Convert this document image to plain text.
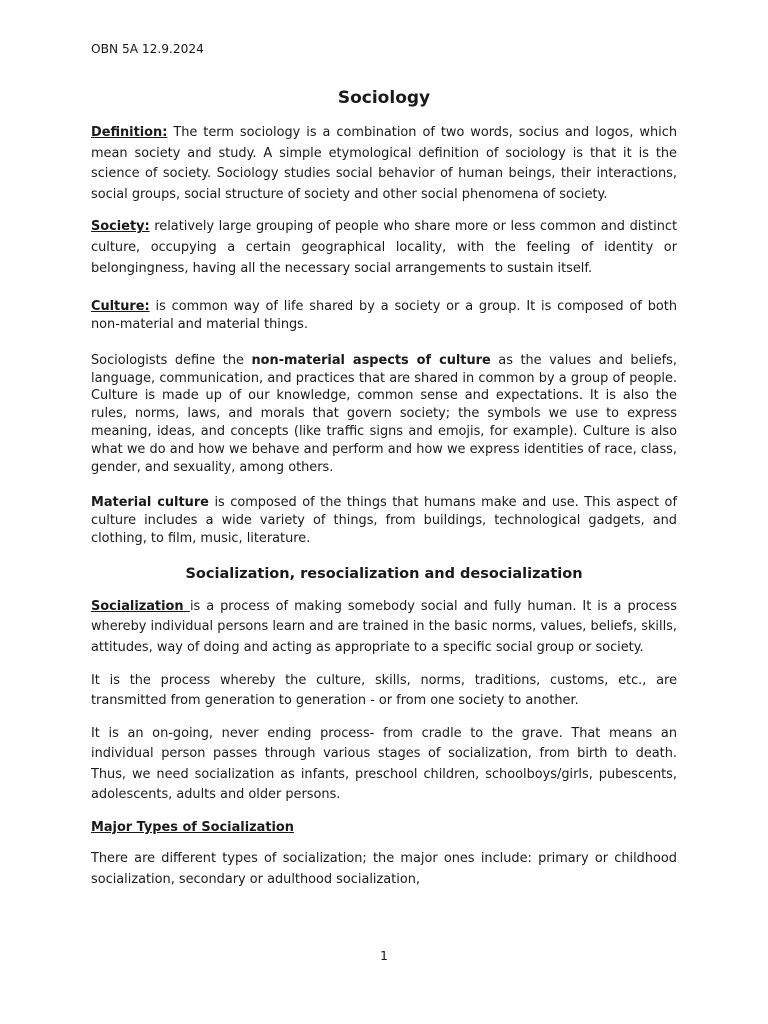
OBN 5A 12.9.2024
Sociology

Definition: The term sociology is a combination of two words, socius and logos, which mean society and study. A simple etymological definition of sociology is that it is the science of society. Sociology studies social behavior of human beings, their interactions, social groups, social structure of society and other social phenomena of society.

Society: relatively large grouping of people who share more or less common and distinct culture, occupying a certain geographical locality, with the feeling of identity or belongingness, having all the necessary social arrangements to sustain itself.

Culture: is common way of life shared by a society or a group. It is composed of both non-material and material things.

Sociologists define the non-material aspects of culture as the values and beliefs, language, communication, and practices that are shared in common by a group of people. Culture is made up of our knowledge, common sense and expectations. It is also the rules, norms, laws, and morals that govern society; the symbols we use to express meaning, ideas, and concepts (like traffic signs and emojis, for example). Culture is also what we do and how we behave and perform and how we express identities of race, class, gender, and sexuality, among others.

Material culture is composed of the things that humans make and use. This aspect of culture includes a wide variety of things, from buildings, technological gadgets, and clothing, to film, music, literature.

Socialization, resocialization and desocialization

Socialization is a process of making somebody social and fully human. It is a process whereby individual persons learn and are trained in the basic norms, values, beliefs, skills, attitudes, way of doing and acting as appropriate to a specific social group or society.

It is the process whereby the culture, skills, norms, traditions, customs, etc., are transmitted from generation to generation - or from one society to another.

It is an on-going, never ending process- from cradle to the grave. That means an individual person passes through various stages of socialization, from birth to death. Thus, we need socialization as infants, preschool children, schoolboys/girls, pubescents, adolescents, adults and older persons.

Major Types of Socialization

There are different types of socialization; the major ones include: primary or childhood socialization, secondary or adulthood socialization,

1
